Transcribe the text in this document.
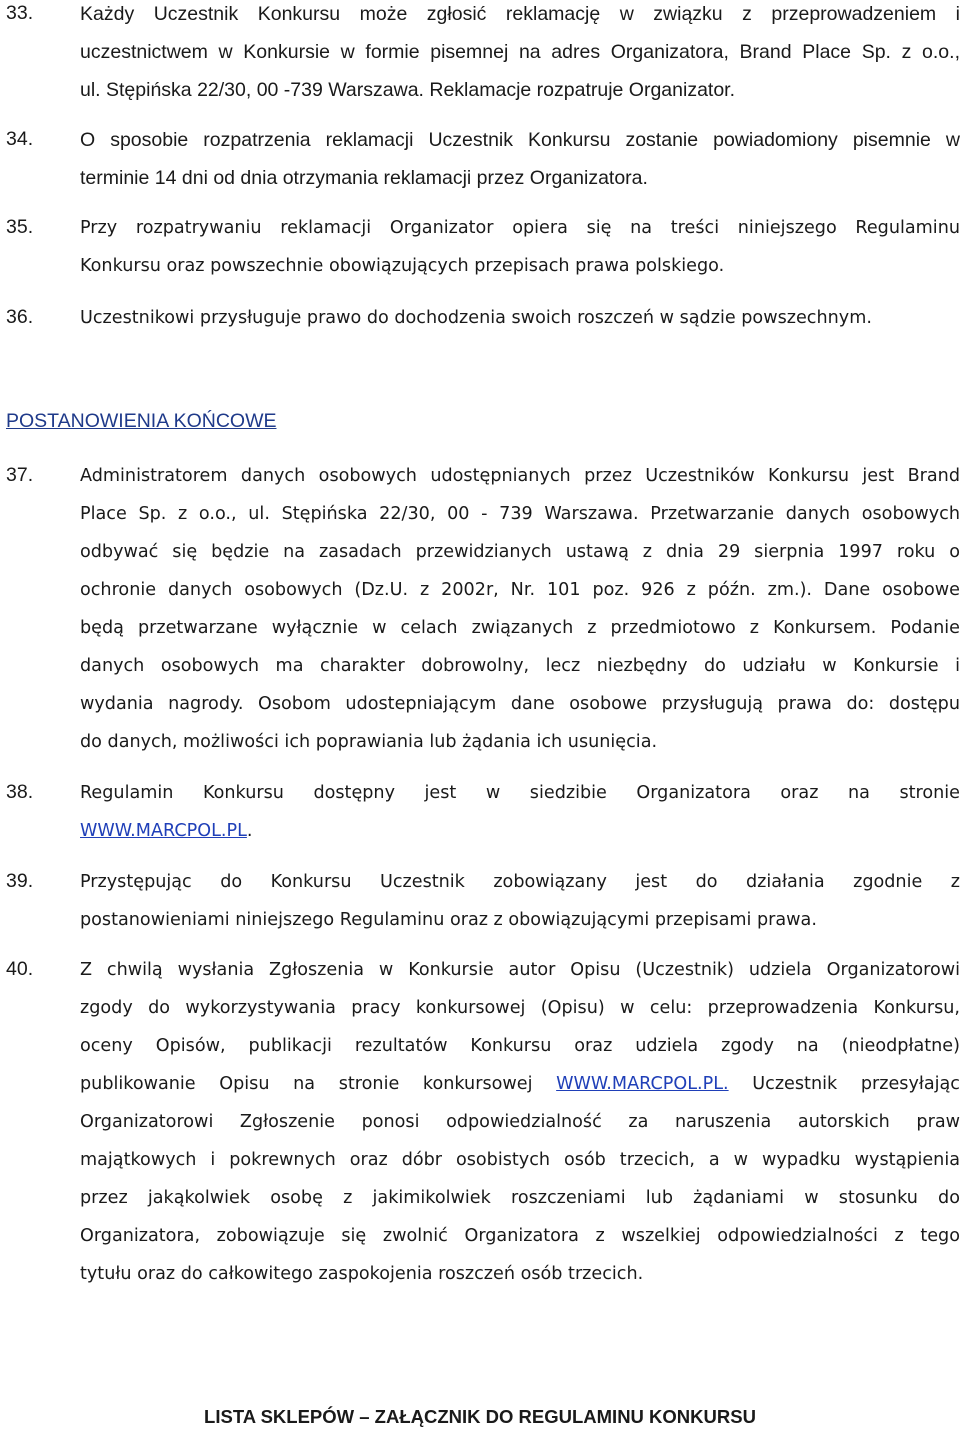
33. Każdy Uczestnik Konkursu może zgłosić reklamację w związku z przeprowadzeniem i
uczestnictwem w Konkursie w formie pisemnej na adres Organizatora, Brand Place Sp. z o.o.,
ul. Stępińska 22/30, 00 -739 Warszawa. Reklamacje rozpatruje Organizator.
34. O sposobie rozpatrzenia reklamacji Uczestnik Konkursu zostanie powiadomiony pisemnie w
terminie 14 dni od dnia otrzymania reklamacji przez Organizatora.
35.	Przy rozpatrywaniu reklamacji Organizator opiera się na treści niniejszego Regulaminu
Konkursu oraz powszechnie obowiązujących przepisach prawa polskiego.
36.	Uczestnikowi przysługuje prawo do dochodzenia swoich roszczeń w sądzie powszechnym.
POSTANOWIENIA KOŃCOWE
37.	Administratorem danych osobowych udostępnianych przez Uczestników Konkursu jest Brand
Place Sp. z o.o., ul. Stępińska 22/30, 00 - 739 Warszawa. Przetwarzanie danych osobowych
odbywać się będzie na zasadach przewidzianych ustawą z dnia 29 sierpnia 1997 roku o
ochronie danych osobowych (Dz.U. z 2002r, Nr. 101 poz. 926 z późn. zm.). Dane osobowe
będą przetwarzane wyłącznie w celach związanych z przedmiotowo z Konkursem. Podanie
danych osobowych ma charakter dobrowolny, lecz niezbędny do udziału w Konkursie i
wydania nagrody. Osobom udostepniającym dane osobowe przysługują prawa do: dostępu
do danych, możliwości ich poprawiania lub żądania ich usunięcia.
38.	Regulamin Konkursu dostępny jest w siedzibie Organizatora oraz na stronie
WWW.MARCPOL.PL.
39.	Przystępując do Konkursu Uczestnik zobowiązany jest do działania zgodnie z
postanowieniami niniejszego Regulaminu oraz z obowiązującymi przepisami prawa.
40.	Z chwilą wysłania Zgłoszenia w Konkursie autor Opisu (Uczestnik) udziela Organizatorowi
zgody do wykorzystywania pracy konkursowej (Opisu) w celu: przeprowadzenia Konkursu,
oceny Opisów, publikacji rezultatów Konkursu oraz udziela zgody na (nieodpłatne)
publikowanie Opisu na stronie konkursowej WWW.MARCPOL.PL. Uczestnik przesyłając
Organizatorowi Zgłoszenie ponosi odpowiedzialność za naruszenia autorskich praw
majątkowych i pokrewnych oraz dóbr osobistych osób trzecich, a w wypadku wystąpienia
przez jakąkolwiek osobę z jakimikolwiek roszczeniami lub żądaniami w stosunku do
Organizatora, zobowiązuje się zwolnić Organizatora z wszelkiej odpowiedzialności z tego
tytułu oraz do całkowitego zaspokojenia roszczeń osób trzecich.
LISTA SKLEPÓW – ZAŁĄCZNIK DO REGULAMINU KONKURSU
